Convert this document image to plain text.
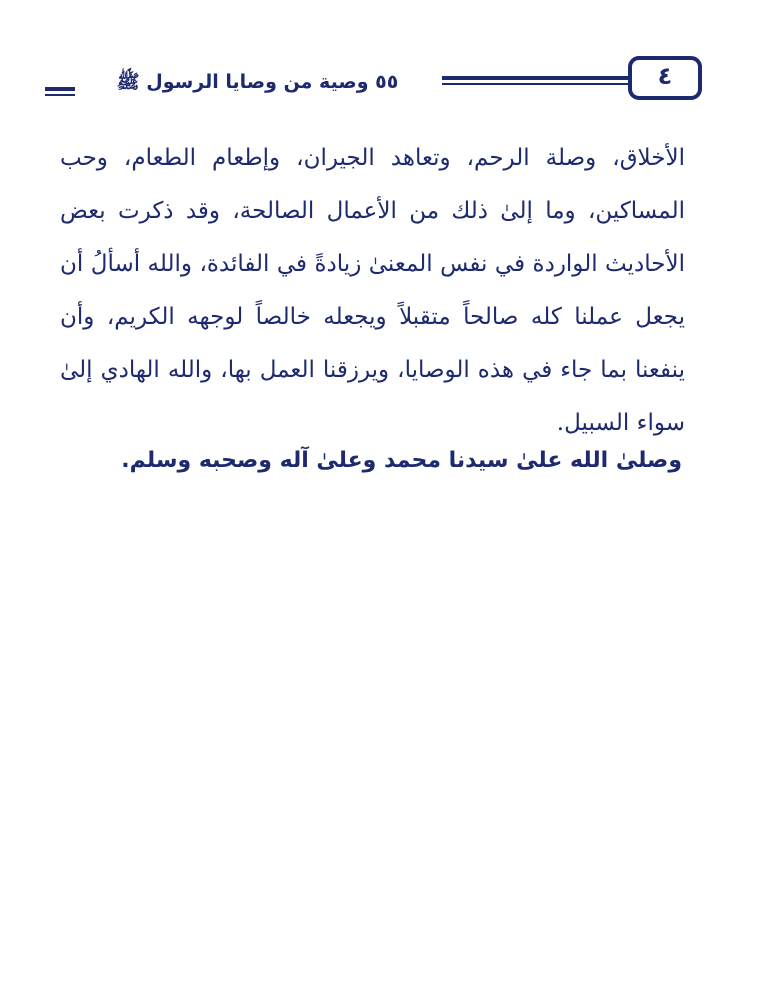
٥٥ وصية من وصايا الرسول ﷺ	٤
الأخلاق، وصلة الرحم، وتعاهد الجيران، وإطعام الطعام، وحب المساكين، وما إلىٰ ذلك من الأعمال الصالحة، وقد ذكرت بعض الأحاديث الواردة في نفس المعنىٰ زيادةً في الفائدة، والله أسألُ أن يجعل عملنا كله صالحاً متقبلاً ويجعله خالصاً لوجهه الكريم، وأن ينفعنا بما جاء في هذه الوصايا، ويرزقنا العمل بها، والله الهادي إلىٰ سواء السبيل.
وصلىٰ الله علىٰ سيدنا محمد وعلىٰ آله وصحبه وسلم.
